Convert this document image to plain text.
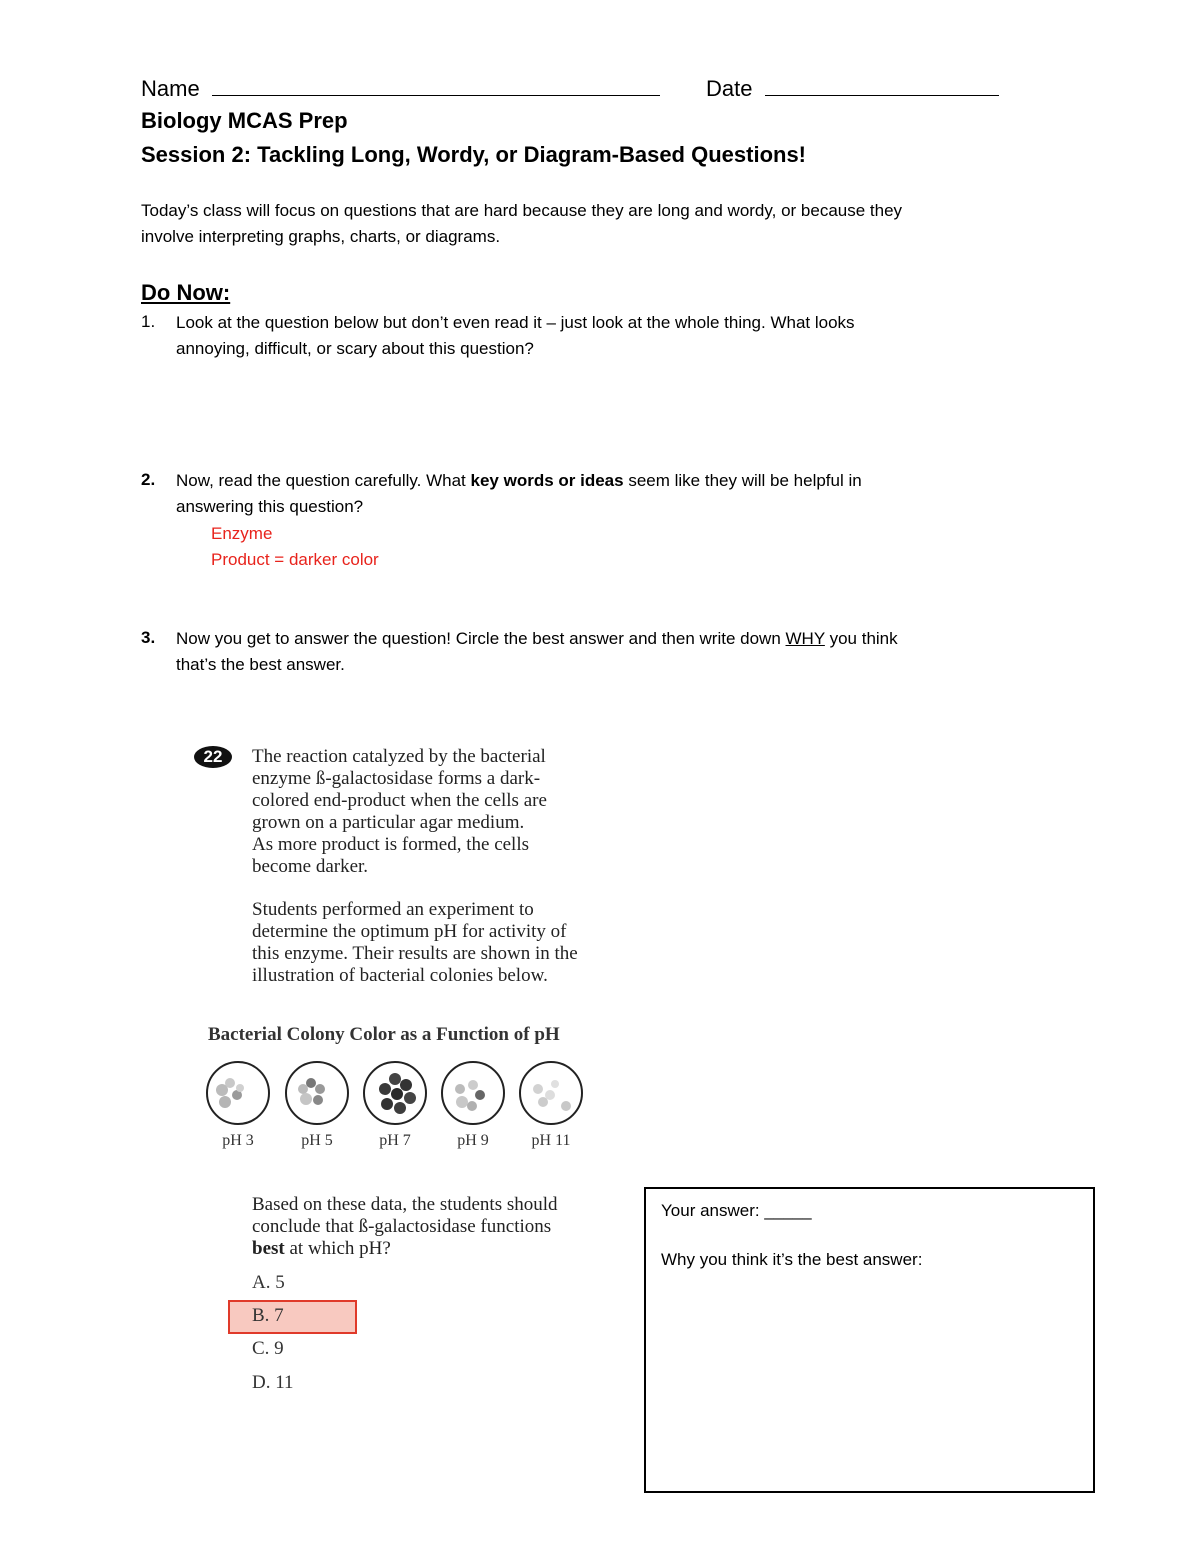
Name	Date
Biology MCAS Prep
Session 2: Tackling Long, Wordy, or Diagram-Based Questions!
Today’s class will focus on questions that are hard because they are long and wordy, or because they
involve interpreting graphs, charts, or diagrams.
Do Now:
1. Look at the question below but don’t even read it – just look at the whole thing. What looks
annoying, difficult, or scary about this question?
2. Now, read the question carefully. What key words or ideas seem like they will be helpful in
answering this question?
Enzyme
Product = darker color
3. Now you get to answer the question! Circle the best answer and then write down WHY you think
that’s the best answer.
22	The reaction catalyzed by the bacterial
enzyme ß-galactosidase forms a dark-
colored end-product when the cells are
grown on a particular agar medium.
As more product is formed, the cells
become darker.
Students performed an experiment to
determine the optimum pH for activity of
this enzyme. Their results are shown in the
illustration of bacterial colonies below.
Bacterial Colony Color as a Function of pH
pH 3	pH 5	pH 7	pH 9	pH 11
Based on these data, the students should
conclude that ß-galactosidase functions
best at which pH?
A. 5
B. 7
C. 9
D. 11
Your answer: _____
Why you think it’s the best answer:
